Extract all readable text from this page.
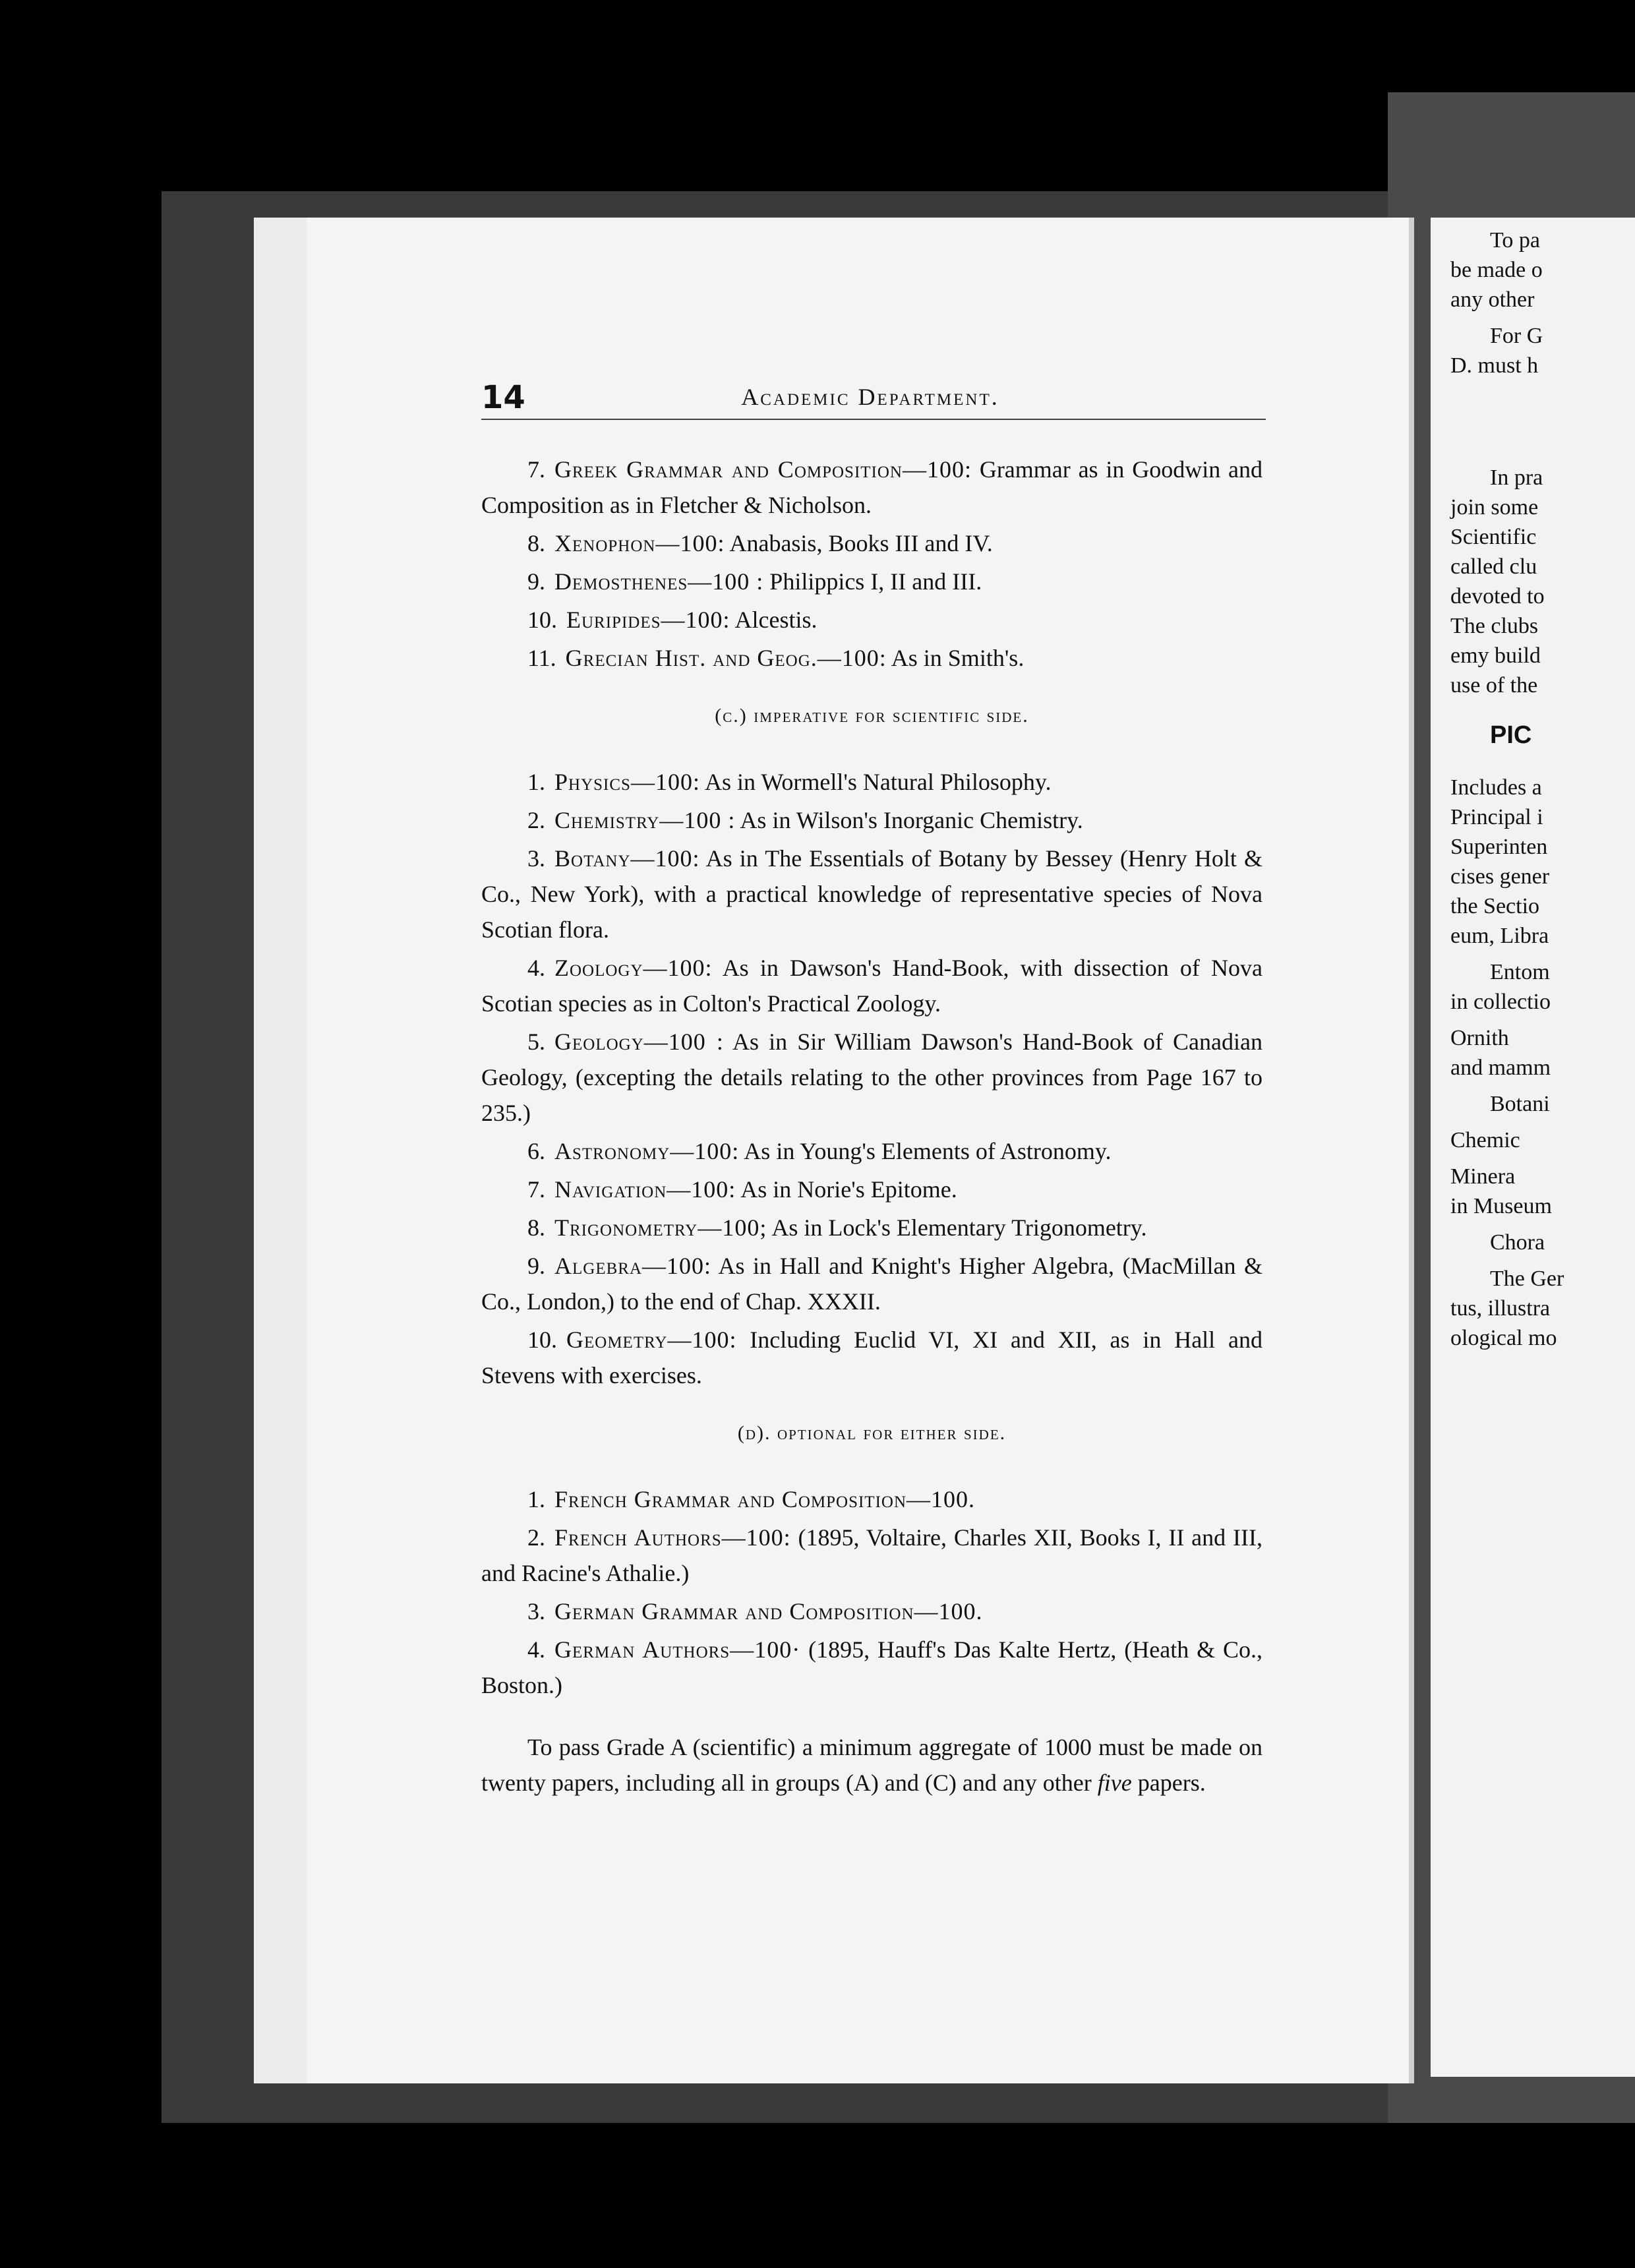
14	Academic Department.

7. Greek Grammar and Composition—100: Grammar as in Goodwin and Composition as in Fletcher & Nicholson.

8. Xenophon—100: Anabasis, Books III and IV.

9. Demosthenes—100 : Philippics I, II and III.

10. Euripides—100: Alcestis.

11. Grecian Hist. and Geog.—100: As in Smith's.

(c.) imperative for scientific side.

1. Physics—100: As in Wormell's Natural Philosophy.

2. Chemistry—100 : As in Wilson's Inorganic Chemistry.

3. Botany—100: As in The Essentials of Botany by Bessey (Henry Holt & Co., New York), with a practical knowledge of representative species of Nova Scotian flora.

4. Zoology—100: As in Dawson's Hand-Book, with dissection of Nova Scotian species as in Colton's Practical Zoology.

5. Geology—100 : As in Sir William Dawson's Hand-Book of Canadian Geology, (excepting the details relating to the other provinces from Page 167 to 235.)

6. Astronomy—100: As in Young's Elements of Astronomy.

7. Navigation—100: As in Norie's Epitome.

8. Trigonometry—100; As in Lock's Elementary Trigonometry.

9. Algebra—100: As in Hall and Knight's Higher Algebra, (MacMillan & Co., London,) to the end of Chap. XXXII.

10. Geometry—100: Including Euclid VI, XI and XII, as in Hall and Stevens with exercises.

(d). optional for either side.

1. French Grammar and Composition—100.

2. French Authors—100: (1895, Voltaire, Charles XII, Books I, II and III, and Racine's Athalie.)

3. German Grammar and Composition—100.

4. German Authors—100· (1895, Hauff's Das Kalte Hertz, (Heath & Co., Boston.)

To pass Grade A (scientific) a minimum aggregate of 1000 must be made on twenty papers, including all in groups (A) and (C) and any other five papers.

To pa
be made o
any other
For G
D. must h
In pra
join some
Scientific
called clu
devoted to
The clubs
emy build
use of the
PIC
Includes a
Principal i
Superinten
cises gener
the Sectio
eum, Libra
Entom
in collectio
Ornith
and mamm
Botani
Chemic
Minera
in Museum
Chora
The Ger
tus, illustra
ological mo
